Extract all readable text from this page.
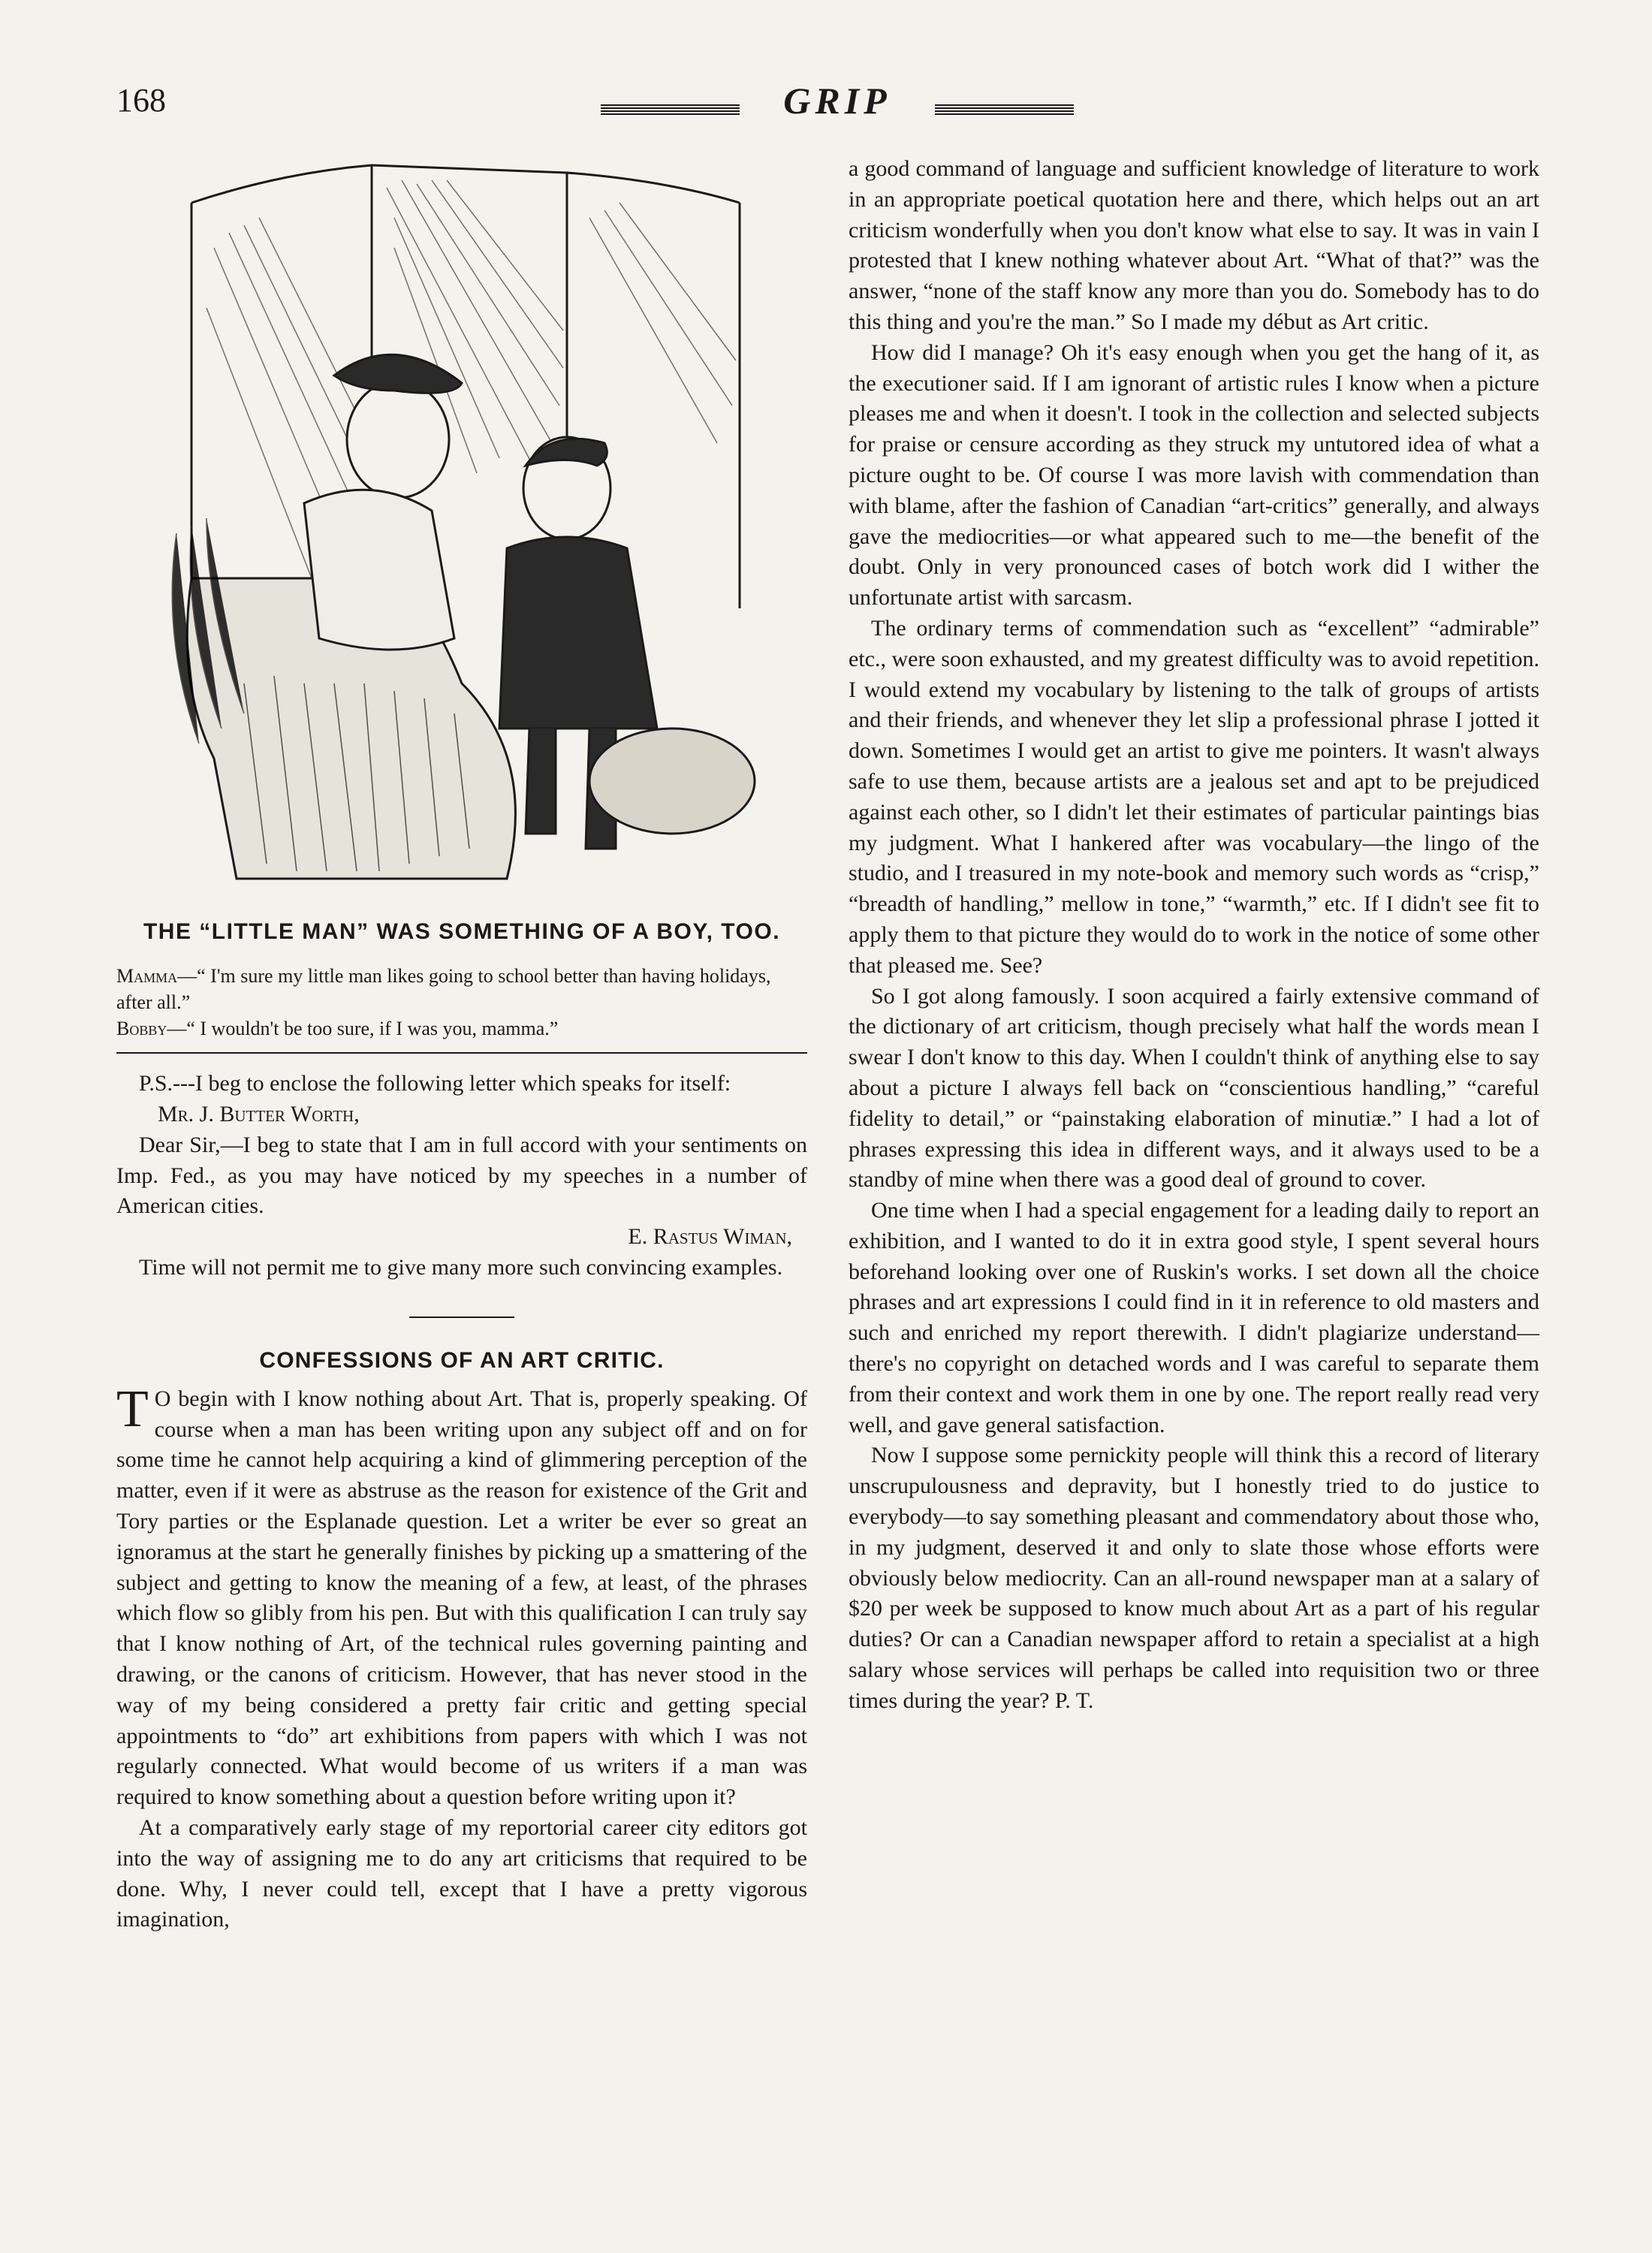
168	GRIP
THE “LITTLE MAN” WAS SOMETHING OF A BOY, TOO.

Mamma—“ I'm sure my little man likes going to school better than having holidays, after all.”

Bobby—“ I wouldn't be too sure, if I was you, mamma.”

P.S.---I beg to enclose the following letter which speaks for itself:

Mr. J. Butter Worth,

Dear Sir,—I beg to state that I am in full accord with your sentiments on Imp. Fed., as you may have noticed by my speeches in a number of American cities.

E. Rastus Wiman,

Time will not permit me to give many more such convincing examples.

CONFESSIONS OF AN ART CRITIC.

T O begin with I know nothing about Art. That is, properly speaking. Of course when a man has been writing upon any subject off and on for some time he cannot help acquiring a kind of glimmering perception of the matter, even if it were as abstruse as the reason for existence of the Grit and Tory parties or the Esplanade question. Let a writer be ever so great an ignoramus at the start he generally finishes by picking up a smattering of the subject and getting to know the meaning of a few, at least, of the phrases which flow so glibly from his pen. But with this qualification I can truly say that I know nothing of Art, of the technical rules governing painting and drawing, or the canons of criticism. However, that has never stood in the way of my being considered a pretty fair critic and getting special appointments to “do” art exhibitions from papers with which I was not regularly connected. What would become of us writers if a man was required to know something about a question before writing upon it?

At a comparatively early stage of my reportorial career city editors got into the way of assigning me to do any art criticisms that required to be done. Why, I never could tell, except that I have a pretty vigorous imagination,

a good command of language and sufficient knowledge of literature to work in an appropriate poetical quotation here and there, which helps out an art criticism wonderfully when you don't know what else to say. It was in vain I protested that I knew nothing whatever about Art. “What of that?” was the answer, “none of the staff know any more than you do. Somebody has to do this thing and you're the man.” So I made my début as Art critic.

How did I manage? Oh it's easy enough when you get the hang of it, as the executioner said. If I am ignorant of artistic rules I know when a picture pleases me and when it doesn't. I took in the collection and selected subjects for praise or censure according as they struck my untutored idea of what a picture ought to be. Of course I was more lavish with commendation than with blame, after the fashion of Canadian “art-critics” generally, and always gave the mediocrities—or what appeared such to me—the benefit of the doubt. Only in very pronounced cases of botch work did I wither the unfortunate artist with sarcasm.

The ordinary terms of commendation such as “excellent” “admirable” etc., were soon exhausted, and my greatest difficulty was to avoid repetition. I would extend my vocabulary by listening to the talk of groups of artists and their friends, and whenever they let slip a professional phrase I jotted it down. Sometimes I would get an artist to give me pointers. It wasn't always safe to use them, because artists are a jealous set and apt to be prejudiced against each other, so I didn't let their estimates of particular paintings bias my judgment. What I hankered after was vocabulary—the lingo of the studio, and I treasured in my note-book and memory such words as “crisp,” “breadth of handling,” mellow in tone,” “warmth,” etc. If I didn't see fit to apply them to that picture they would do to work in the notice of some other that pleased me. See?

So I got along famously. I soon acquired a fairly extensive command of the dictionary of art criticism, though precisely what half the words mean I swear I don't know to this day. When I couldn't think of anything else to say about a picture I always fell back on “conscientious handling,” “careful fidelity to detail,” or “painstaking elaboration of minutiæ.” I had a lot of phrases expressing this idea in different ways, and it always used to be a standby of mine when there was a good deal of ground to cover.

One time when I had a special engagement for a leading daily to report an exhibition, and I wanted to do it in extra good style, I spent several hours beforehand looking over one of Ruskin's works. I set down all the choice phrases and art expressions I could find in it in reference to old masters and such and enriched my report therewith. I didn't plagiarize understand—there's no copyright on detached words and I was careful to separate them from their context and work them in one by one. The report really read very well, and gave general satisfaction.

Now I suppose some pernickity people will think this a record of literary unscrupulousness and depravity, but I honestly tried to do justice to everybody—to say something pleasant and commendatory about those who, in my judgment, deserved it and only to slate those whose efforts were obviously below mediocrity. Can an all-round newspaper man at a salary of $20 per week be supposed to know much about Art as a part of his regular duties? Or can a Canadian newspaper afford to retain a specialist at a high salary whose services will perhaps be called into requisition two or three times during the year? P. T.
